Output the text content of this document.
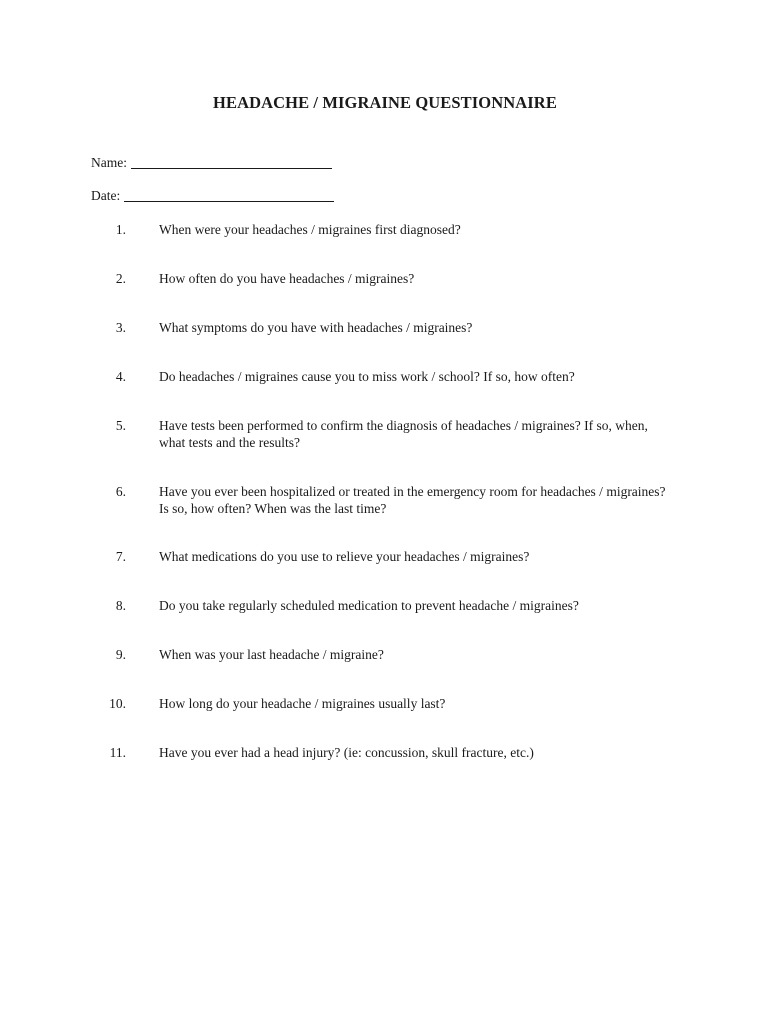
HEADACHE / MIGRAINE QUESTIONNAIRE
Name:
Date:
1. When were your headaches / migraines first diagnosed?
2. How often do you have headaches / migraines?
3. What symptoms do you have with headaches / migraines?
4. Do headaches / migraines cause you to miss work / school? If so, how often?
5. Have tests been performed to confirm the diagnosis of headaches / migraines? If so, when,
what tests and the results?
6. Have you ever been hospitalized or treated in the emergency room for headaches / migraines?
Is so, how often? When was the last time?
7. What medications do you use to relieve your headaches / migraines?
8. Do you take regularly scheduled medication to prevent headache / migraines?
9. When was your last headache / migraine?
10. How long do your headache / migraines usually last?
11. Have you ever had a head injury? (ie: concussion, skull fracture, etc.)
